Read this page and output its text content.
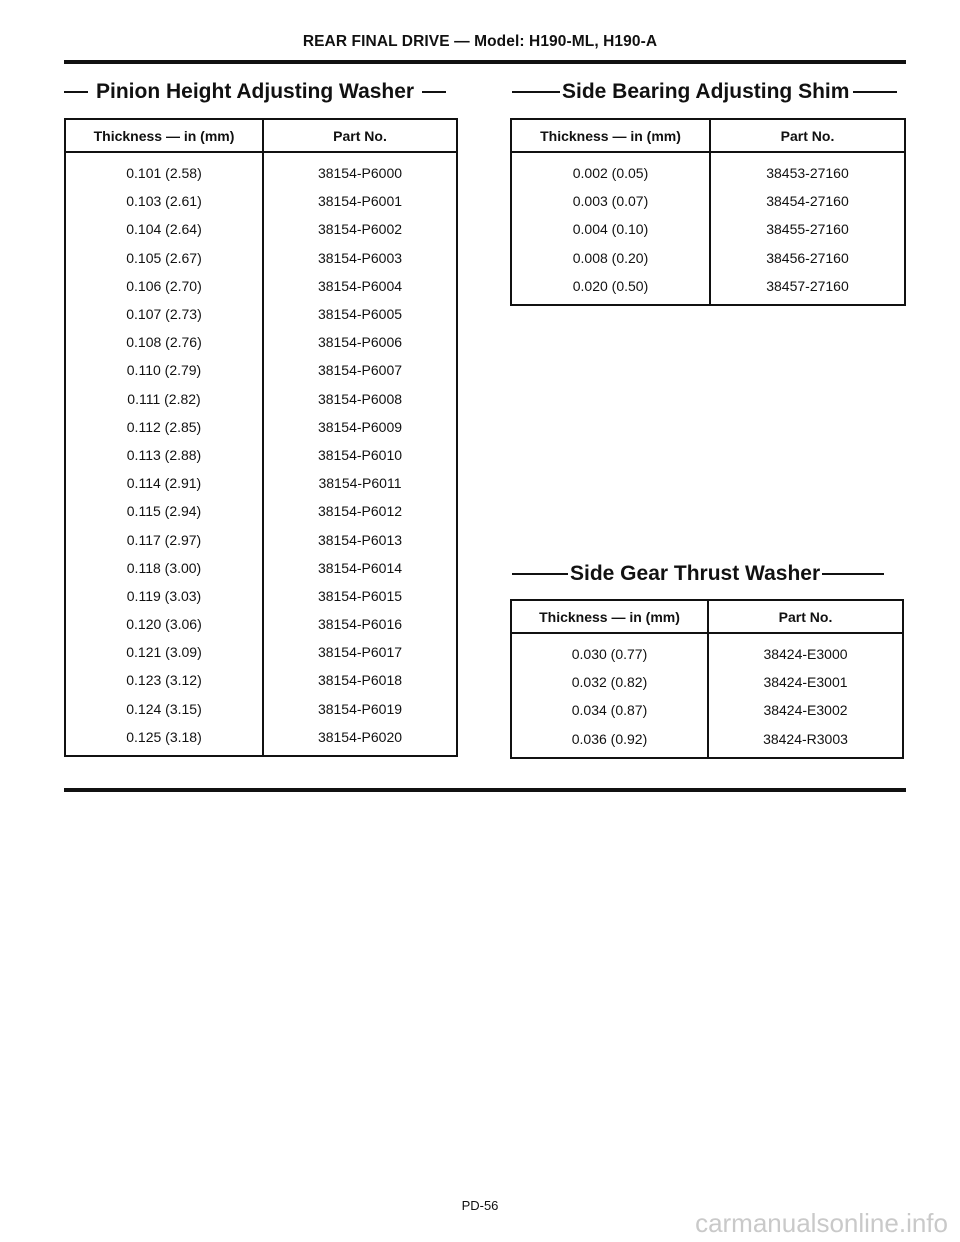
REAR FINAL DRIVE — Model: H190-ML, H190-A
Pinion Height Adjusting Washer
Thickness — in (mm)	Part No.
0.101 (2.58)	38154-P6000
0.103 (2.61)	38154-P6001
0.104 (2.64)	38154-P6002
0.105 (2.67)	38154-P6003
0.106 (2.70)	38154-P6004
0.107 (2.73)	38154-P6005
0.108 (2.76)	38154-P6006
0.110 (2.79)	38154-P6007
0.111 (2.82)	38154-P6008
0.112 (2.85)	38154-P6009
0.113 (2.88)	38154-P6010
0.114 (2.91)	38154-P6011
0.115 (2.94)	38154-P6012
0.117 (2.97)	38154-P6013
0.118 (3.00)	38154-P6014
0.119 (3.03)	38154-P6015
0.120 (3.06)	38154-P6016
0.121 (3.09)	38154-P6017
0.123 (3.12)	38154-P6018
0.124 (3.15)	38154-P6019
0.125 (3.18)	38154-P6020
Side Bearing Adjusting Shim
Thickness — in (mm)	Part No.
0.002 (0.05)	38453-27160
0.003 (0.07)	38454-27160
0.004 (0.10)	38455-27160
0.008 (0.20)	38456-27160
0.020 (0.50)	38457-27160
Side Gear Thrust Washer
Thickness — in (mm)	Part No.
0.030 (0.77)	38424-E3000
0.032 (0.82)	38424-E3001
0.034 (0.87)	38424-E3002
0.036 (0.92)	38424-R3003
PD-56
carmanualsonline.info
